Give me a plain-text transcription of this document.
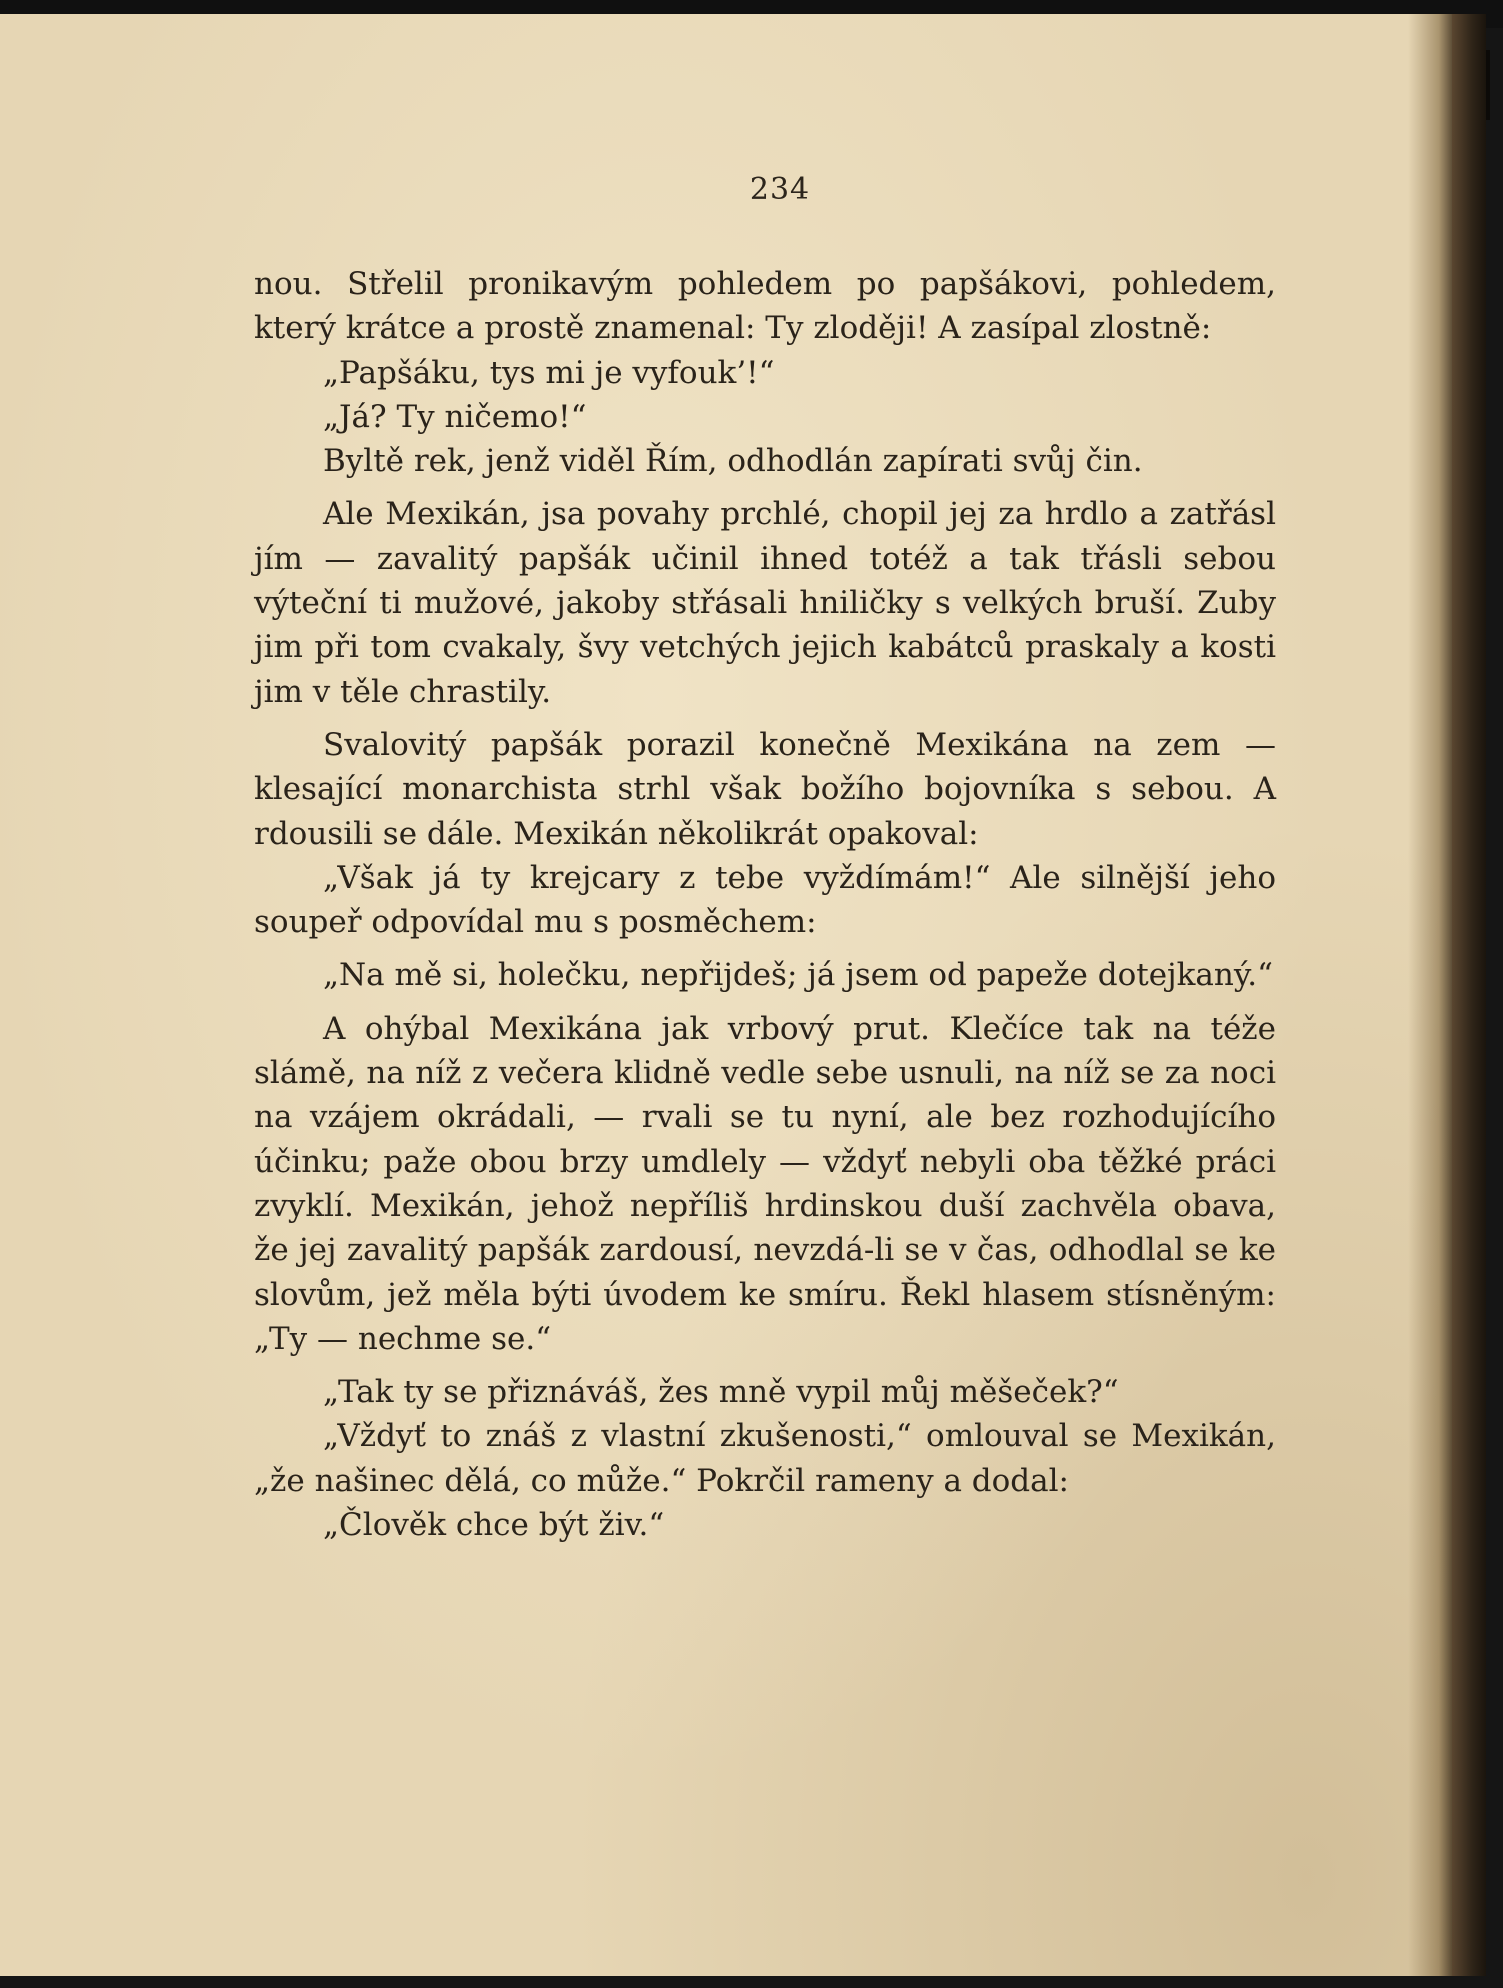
234

nou. Střelil pronikavým pohledem po papšákovi, pohledem, který krátce a prostě znamenal: Ty zloději! A zasípal zlostně:

„Papšáku, tys mi je vyfouk’!“

„Já? Ty ničemo!“

Byltě rek, jenž viděl Řím, odhodlán zapírati svůj čin.

Ale Mexikán, jsa povahy prchlé, chopil jej za hrdlo a zatřásl jím — zavalitý papšák učinil ihned totéž a tak třásli sebou výteční ti mužové, jakoby střásali hniličky s velkých bruší. Zuby jim při tom cvakaly, švy vetchých jejich kabátců praskaly a kosti jim v těle chrastily.

Svalovitý papšák porazil konečně Mexikána na zem — klesající monarchista strhl však božího bojovníka s sebou. A rdousili se dále. Mexikán několikrát opakoval:

„Však já ty krejcary z tebe vyždímám!“ Ale silnější jeho soupeř odpovídal mu s posměchem:

„Na mě si, holečku, nepřijdeš; já jsem od papeže dotejkaný.“

A ohýbal Mexikána jak vrbový prut. Klečíce tak na téže slámě, na níž z večera klidně vedle sebe usnuli, na níž se za noci na vzájem okrádali, — rvali se tu nyní, ale bez rozhodujícího účinku; paže obou brzy umdlely — vždyť nebyli oba těžké práci zvyklí. Mexikán, jehož nepříliš hrdinskou duší zachvěla obava, že jej zavalitý papšák zardousí, nevzdá-li se v čas, odhodlal se ke slovům, jež měla býti úvodem ke smíru. Řekl hlasem stísněným: „Ty — nechme se.“

„Tak ty se přiznáváš, žes mně vypil můj měšeček?“

„Vždyť to znáš z vlastní zkušenosti,“ omlouval se Mexikán, „že našinec dělá, co může.“ Pokrčil rameny a dodal:

„Člověk chce být živ.“
